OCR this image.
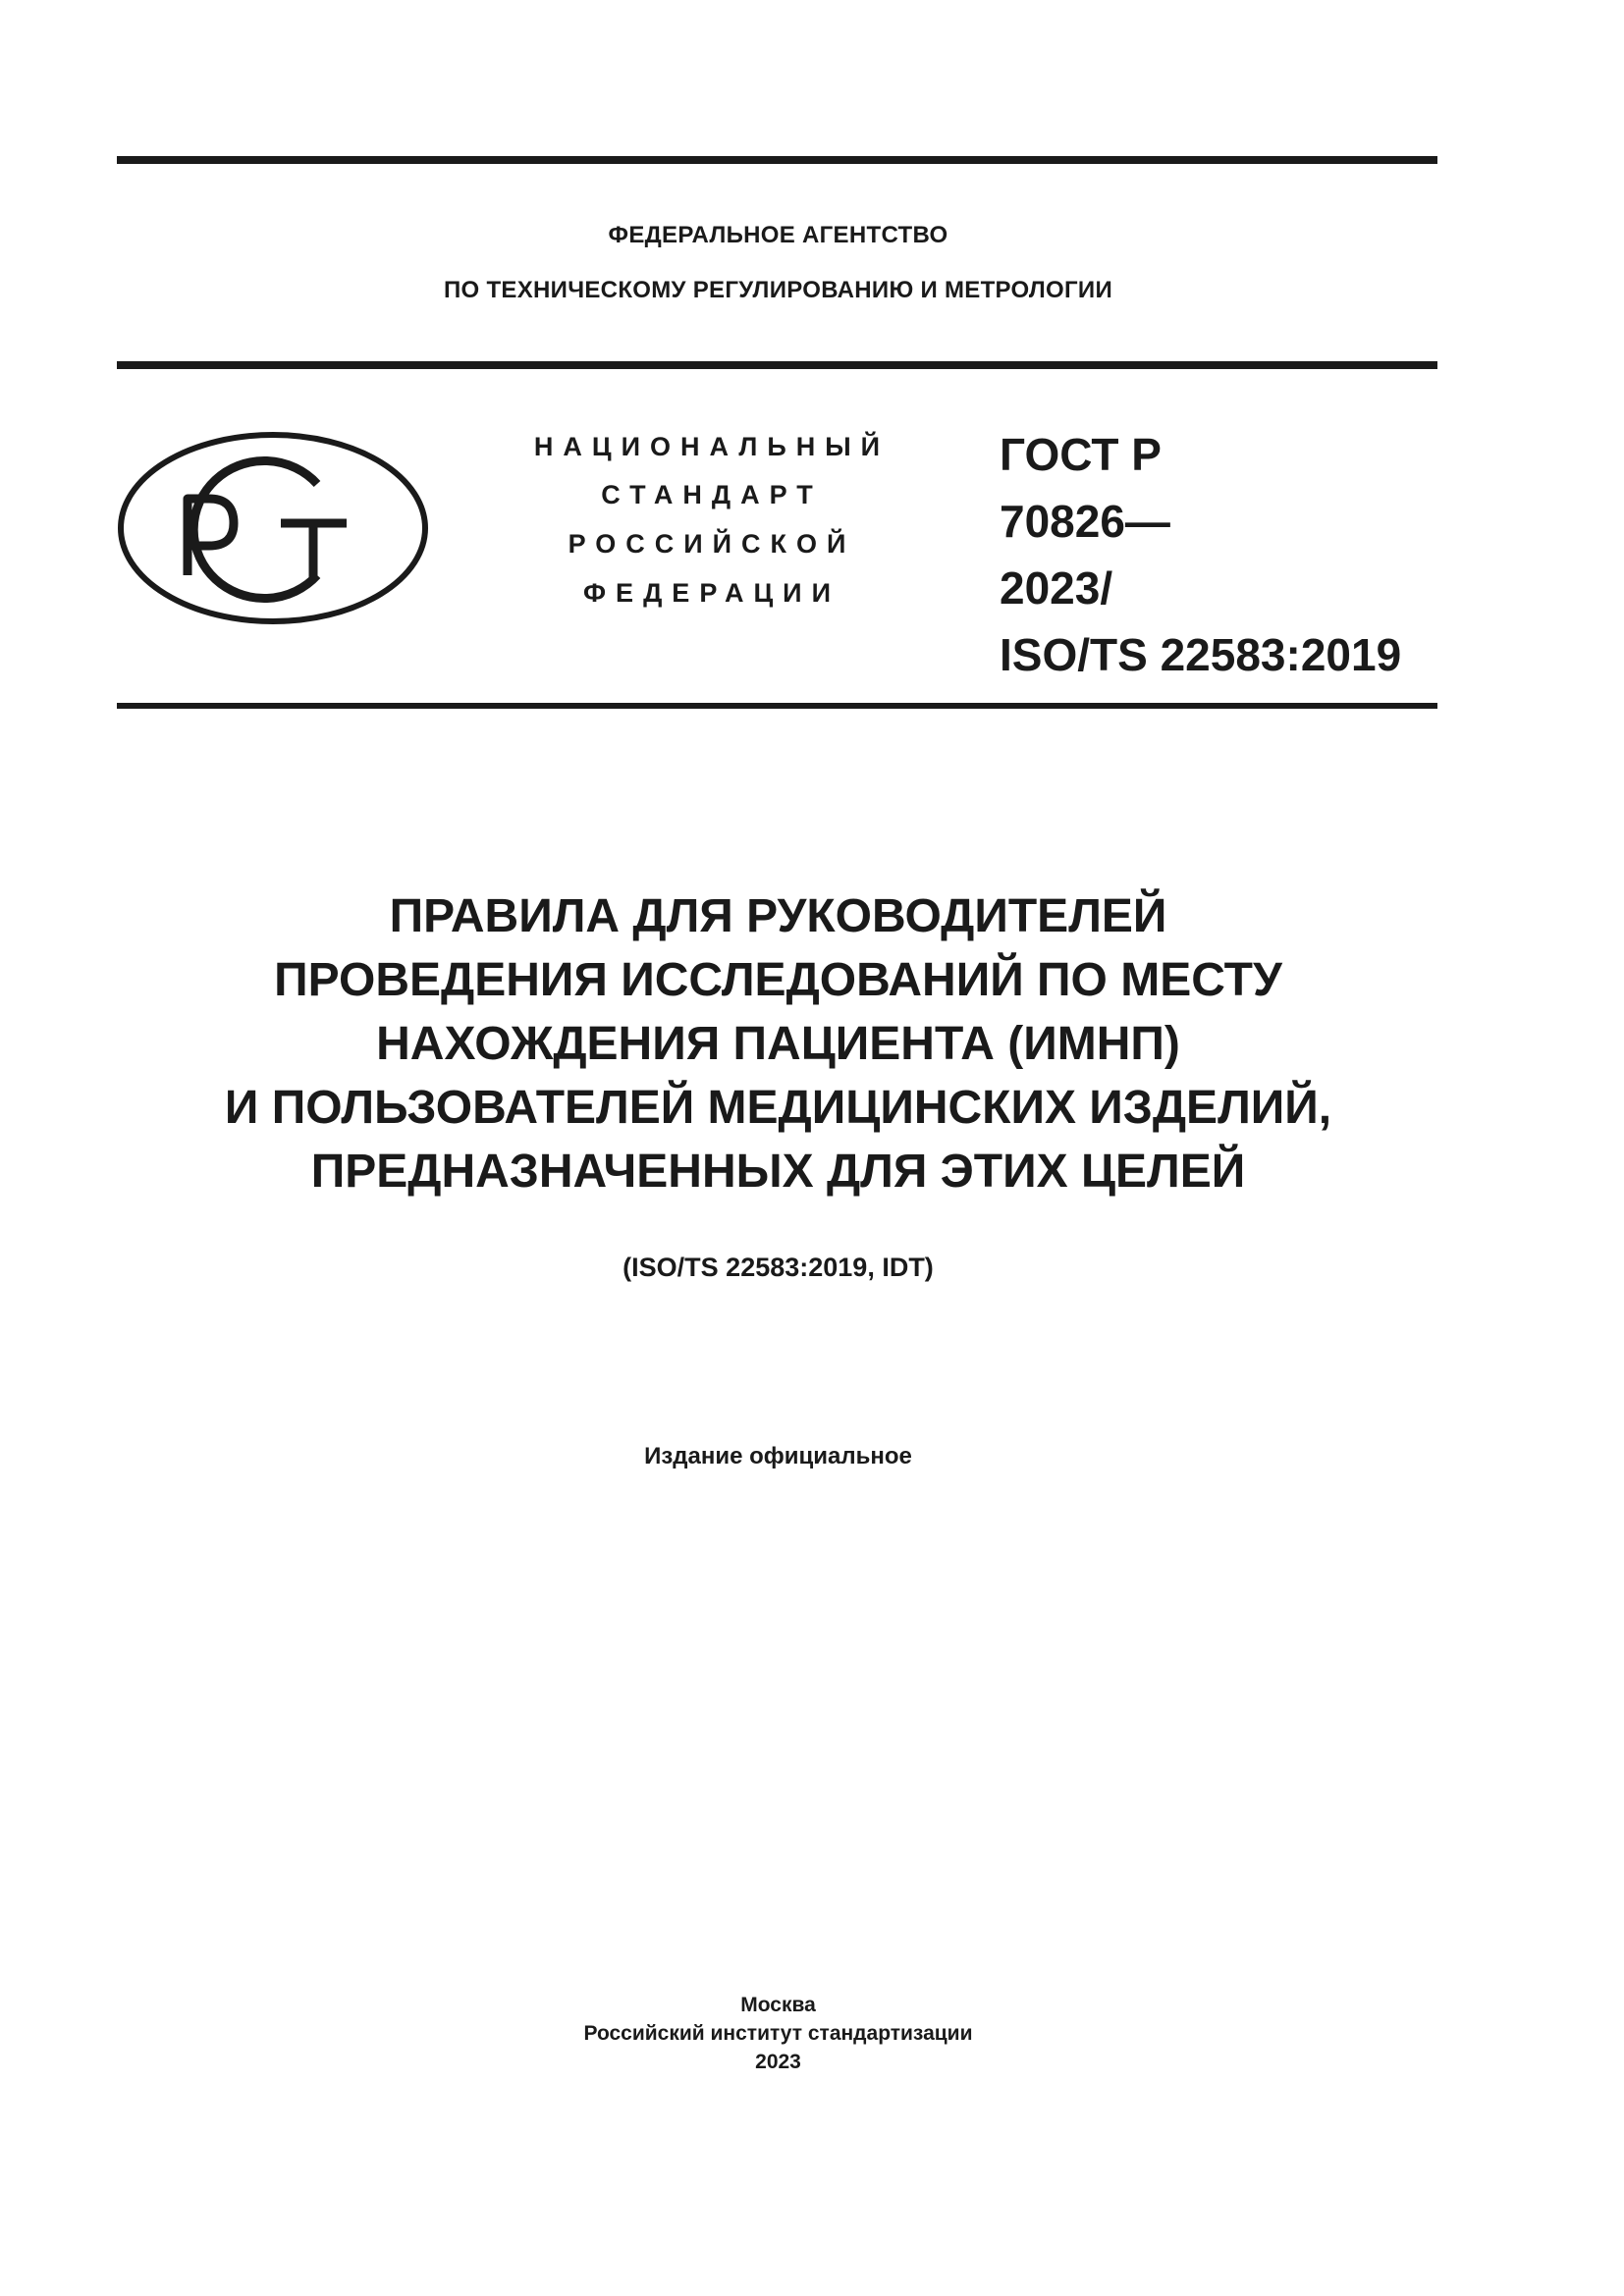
ФЕДЕРАЛЬНОЕ АГЕНТСТВО
ПО ТЕХНИЧЕСКОМУ РЕГУЛИРОВАНИЮ И МЕТРОЛОГИИ
НАЦИОНАЛЬНЫЙ
СТАНДАРТ
РОССИЙСКОЙ
ФЕДЕРАЦИИ
ГОСТ Р
70826—
2023/
ISO/TS 22583:2019
ПРАВИЛА ДЛЯ РУКОВОДИТЕЛЕЙ
ПРОВЕДЕНИЯ ИССЛЕДОВАНИЙ ПО МЕСТУ
НАХОЖДЕНИЯ ПАЦИЕНТА (ИМНП)
И ПОЛЬЗОВАТЕЛЕЙ МЕДИЦИНСКИХ ИЗДЕЛИЙ,
ПРЕДНАЗНАЧЕННЫХ ДЛЯ ЭТИХ ЦЕЛЕЙ
(ISO/TS 22583:2019, IDT)
Издание официальное
Москва
Российский институт стандартизации
2023
